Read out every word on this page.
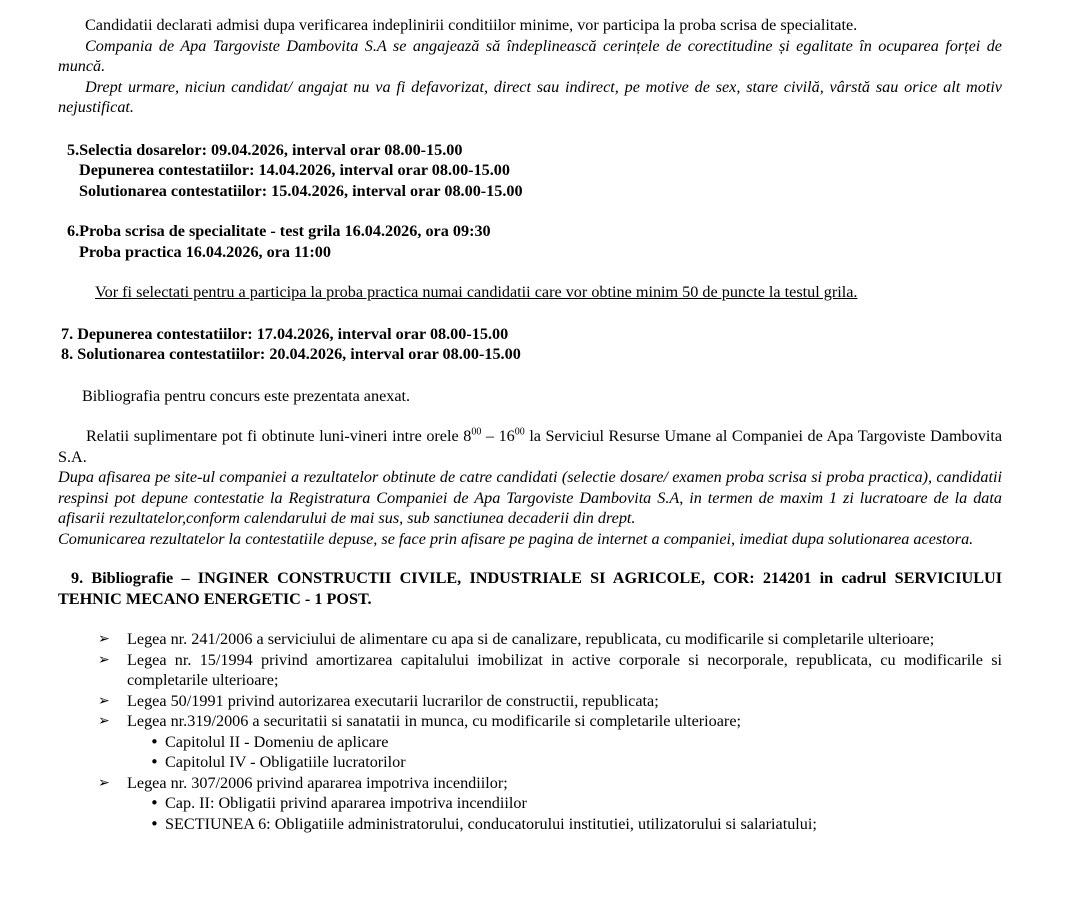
Candidatii declarati admisi dupa verificarea indeplinirii conditiilor minime, vor participa la proba scrisa de specialitate.

Compania de Apa Targoviste Dambovita S.A se angajează să îndeplinească cerințele de corectitudine și egalitate în ocuparea forței de muncă.

Drept urmare, niciun candidat/ angajat nu va fi defavorizat, direct sau indirect, pe motive de sex, stare civilă, vârstă sau orice alt motiv nejustificat.

5.Selectia dosarelor: 09.04.2026, interval orar 08.00-15.00

Depunerea contestatiilor: 14.04.2026, interval orar 08.00-15.00

Solutionarea contestatiilor: 15.04.2026, interval orar 08.00-15.00

6.Proba scrisa de specialitate - test grila 16.04.2026, ora 09:30

Proba practica 16.04.2026, ora 11:00

Vor fi selectati pentru a participa la proba practica numai candidatii care vor obtine minim 50 de puncte la testul grila.

7. Depunerea contestatiilor: 17.04.2026, interval orar 08.00-15.00

8. Solutionarea contestatiilor: 20.04.2026, interval orar 08.00-15.00

Bibliografia pentru concurs este prezentata anexat.

Relatii suplimentare pot fi obtinute luni-vineri intre orele $8^{00} - 16^{00}$ la Serviciul Resurse Umane al Companiei de Apa Targoviste Dambovita S.A.

Dupa afisarea pe site-ul companiei a rezultatelor obtinute de catre candidati (selectie dosare/ examen proba scrisa si proba practica), candidatii respinsi pot depune contestatie la Registratura Companiei de Apa Targoviste Dambovita S.A, in termen de maxim 1 zi lucratoare de la data afisarii rezultatelor,conform calendarului de mai sus, sub sanctiunea decaderii din drept.

Comunicarea rezultatelor la contestatiile depuse, se face prin afisare pe pagina de internet a companiei, imediat dupa solutionarea acestora.

9. Bibliografie – INGINER CONSTRUCTII CIVILE, INDUSTRIALE SI AGRICOLE, COR: 214201 in cadrul SERVICIULUI TEHNIC MECANO ENERGETIC - 1 POST.

➢	Legea nr. 241/2006 a serviciului de alimentare cu apa si de canalizare, republicata, cu modificarile si completarile ulterioare;
➢	Legea nr. 15/1994 privind amortizarea capitalului imobilizat in active corporale si necorporale, republicata, cu modificarile si completarile ulterioare;
➢	Legea 50/1991 privind autorizarea executarii lucrarilor de constructii, republicata;
➢	Legea nr.319/2006 a securitatii si sanatatii in munca, cu modificarile si completarile ulterioare;
• Capitolul II - Domeniu de aplicare
• Capitolul IV - Obligatiile lucratorilor
➢	Legea nr. 307/2006 privind apararea impotriva incendiilor;
• Cap. II: Obligatii privind apararea impotriva incendiilor
• SECTIUNEA 6: Obligatiile administratorului, conducatorului institutiei, utilizatorului si salariatului;
